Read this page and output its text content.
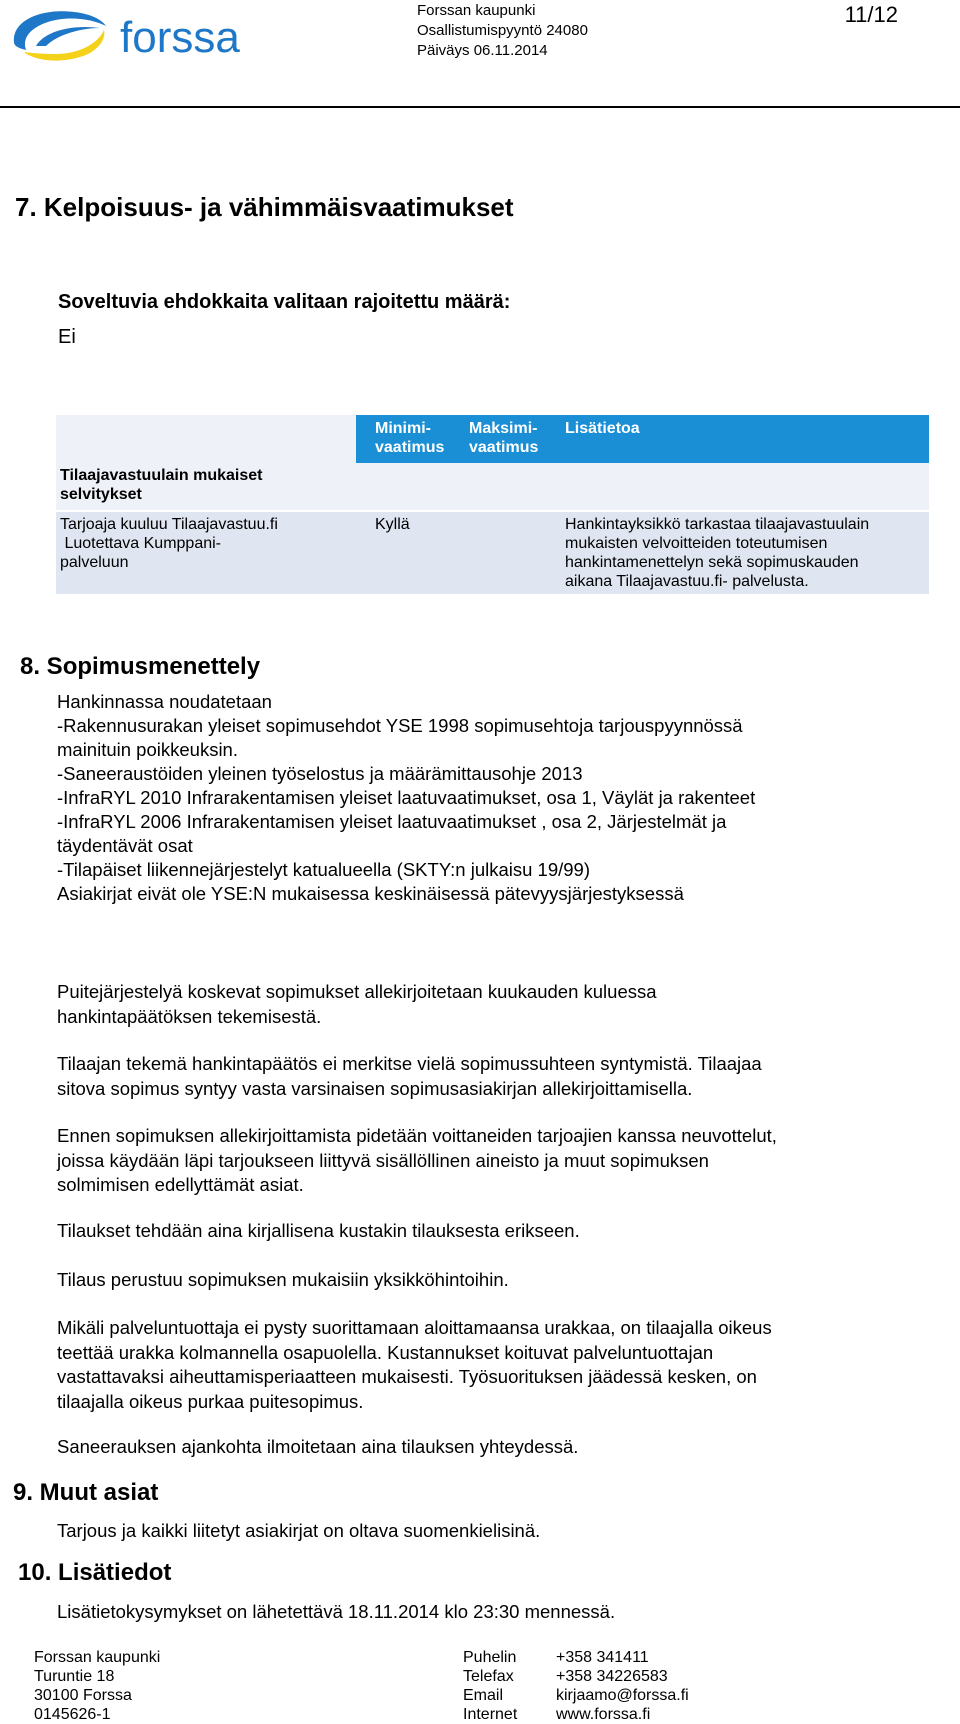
forssa
Forssan kaupunki
Osallistumispyyntö 24080
Päiväys 06.11.2014
11/12
7. Kelpoisuus- ja vähimmäisvaatimukset
Soveltuvia ehdokkaita valitaan rajoitettu määrä:
Ei
Minimi-
vaatimus
Maksimi-
vaatimus
Lisätietoa
Tilaajavastuulain mukaiset
selvitykset
Tarjoaja kuuluu Tilaajavastuu.fi
Luotettava Kumppani-
palveluun
Kyllä	Hankintayksikkö tarkastaa tilaajavastuulain
mukaisten velvoitteiden toteutumisen
hankintamenettelyn sekä sopimuskauden
aikana Tilaajavastuu.fi- palvelusta.
8. Sopimusmenettely
Hankinnassa noudatetaan
-Rakennusurakan yleiset sopimusehdot YSE 1998 sopimusehtoja tarjouspyynnössä
mainituin poikkeuksin.
-Saneeraustöiden yleinen työselostus ja määrämittausohje 2013
-InfraRYL 2010 Infrarakentamisen yleiset laatuvaatimukset, osa 1, Väylät ja rakenteet
-InfraRYL 2006 Infrarakentamisen yleiset laatuvaatimukset , osa 2, Järjestelmät ja
täydentävät osat
-Tilapäiset liikennejärjestelyt katualueella (SKTY:n julkaisu 19/99)
Asiakirjat eivät ole YSE:N mukaisessa keskinäisessä pätevyysjärjestyksessä
Puitejärjestelyä koskevat sopimukset allekirjoitetaan kuukauden kuluessa
hankintapäätöksen tekemisestä.
Tilaajan tekemä hankintapäätös ei merkitse vielä sopimussuhteen syntymistä. Tilaajaa
sitova sopimus syntyy vasta varsinaisen sopimusasiakirjan allekirjoittamisella.
Ennen sopimuksen allekirjoittamista pidetään voittaneiden tarjoajien kanssa neuvottelut,
joissa käydään läpi tarjoukseen liittyvä sisällöllinen aineisto ja muut sopimuksen
solmimisen edellyttämät asiat.
Tilaukset tehdään aina kirjallisena kustakin tilauksesta erikseen.
Tilaus perustuu sopimuksen mukaisiin yksikköhintoihin.
Mikäli palveluntuottaja ei pysty suorittamaan aloittamaansa urakkaa, on tilaajalla oikeus
teettää urakka kolmannella osapuolella. Kustannukset koituvat palveluntuottajan
vastattavaksi aiheuttamisperiaatteen mukaisesti. Työsuorituksen jäädessä kesken, on
tilaajalla oikeus purkaa puitesopimus.
Saneerauksen ajankohta ilmoitetaan aina tilauksen yhteydessä.
9. Muut asiat
Tarjous ja kaikki liitetyt asiakirjat on oltava suomenkielisinä.
10. Lisätiedot
Lisätietokysymykset on lähetettävä 18.11.2014 klo 23:30 mennessä.
Forssan kaupunki
Turuntie 18
30100 Forssa
0145626-1
Puhelin
Telefax
Email
Internet
+358 341411
+358 34226583
kirjaamo@forssa.fi
www.forssa.fi
